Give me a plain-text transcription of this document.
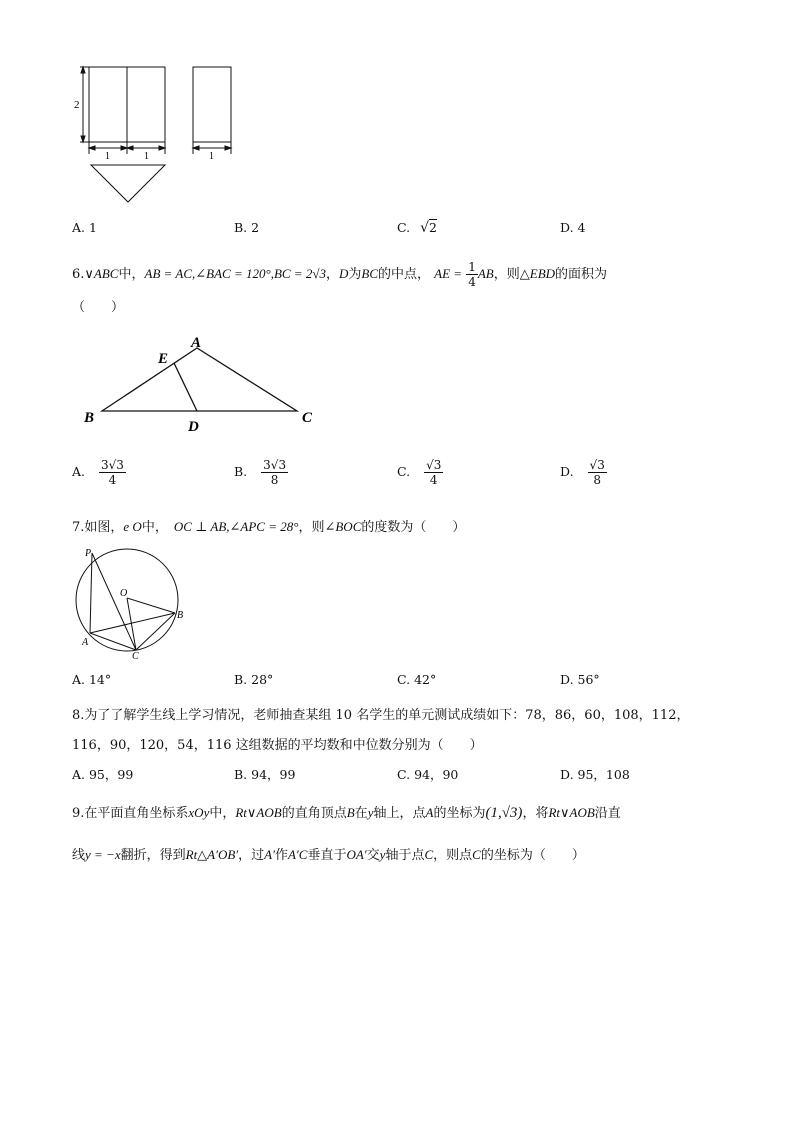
2
1	1	1
A. 1	B. 2	C. √2	D. 4
6.∨ABC中，AB = AC,∠BAC = 120°,BC = 2√3，D为BC的中点， AE = $\frac{1}{4}$ AB，则△EBD的面积为
（　　）
A
E
B	C
D
A. $\frac{3√3}{4}$	B. $\frac{3√3}{8}$	C. $\frac{√3}{4}$	D. $\frac{√3}{8}$
7.如图，e O中， OC ⊥ AB,∠APC = 28°，则∠BOC的度数为（　　）
P
O
B
A
C
A. 14°	B. 28°	C. 42°	D. 56°
8.为了了解学生线上学习情况，老师抽查某组 10 名学生的单元测试成绩如下：78，86，60，108，112，
116，90，120，54，116 这组数据的平均数和中位数分别为（　　）
A. 95，99	B. 94，99	C. 94，90	D. 95，108
9.在平面直角坐标系xOy中，Rt∨AOB的直角顶点B在y轴上，点A的坐标为(1,√3)，将Rt∨AOB沿直
线y = −x翻折，得到Rt△A′OB′，过A′作A′C垂直于OA′交y轴于点C，则点C的坐标为（　　）
